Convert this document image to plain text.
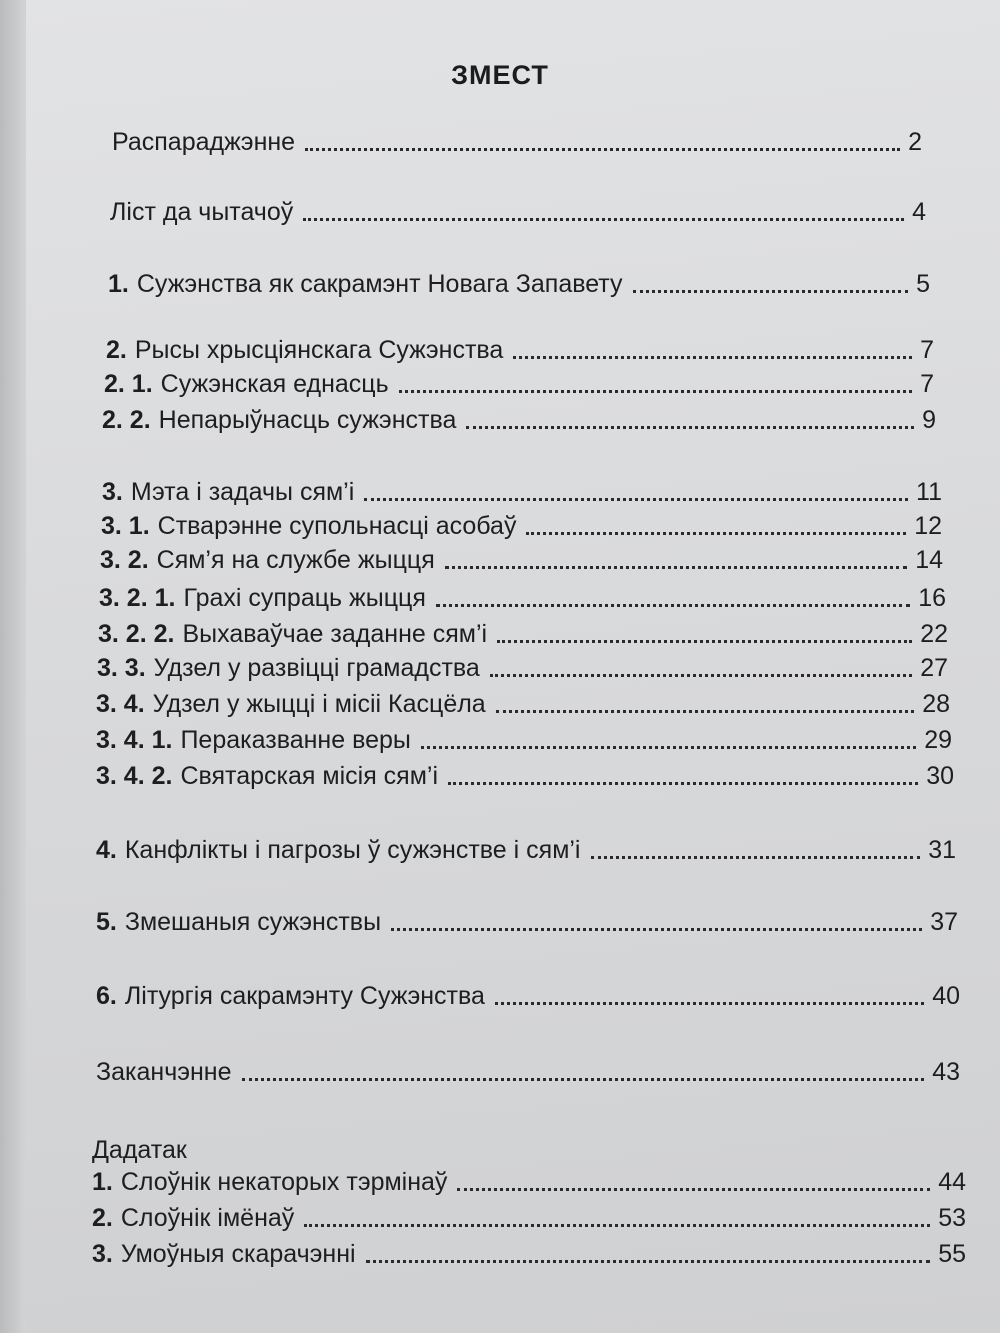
ЗМЕСТ
Распараджэнне	2
Ліст да чытачоў	4
1. Сужэнства як сакрамэнт Новага Запавету	5
2. Рысы хрысціянскага Сужэнства	7
2. 1. Сужэнская еднасць	7
2. 2. Непарыўнасць сужэнства	9
3. Мэта і задачы сям’і	11
3. 1. Стварэнне супольнасці асобаў	12
3. 2. Сям’я на службе жыцця	14
3. 2. 1. Грахі супраць жыцця	16
3. 2. 2. Выхаваўчае заданне сям’і	22
3. 3. Удзел у развіцці грамадства	27
3. 4. Удзел у жыцці і місіі Касцёла	28
3. 4. 1. Пераказванне веры	29
3. 4. 2. Святарская місія сям’і	30
4. Канфлікты і пагрозы ў сужэнстве і сям’і	31
5. Змешаныя сужэнствы	37
6. Літургія сакрамэнту Сужэнства	40
Заканчэнне	43
Дадатак
1. Слоўнік некаторых тэрмінаў	44
2. Слоўнік імёнаў	53
3. Умоўныя скарачэнні	55
